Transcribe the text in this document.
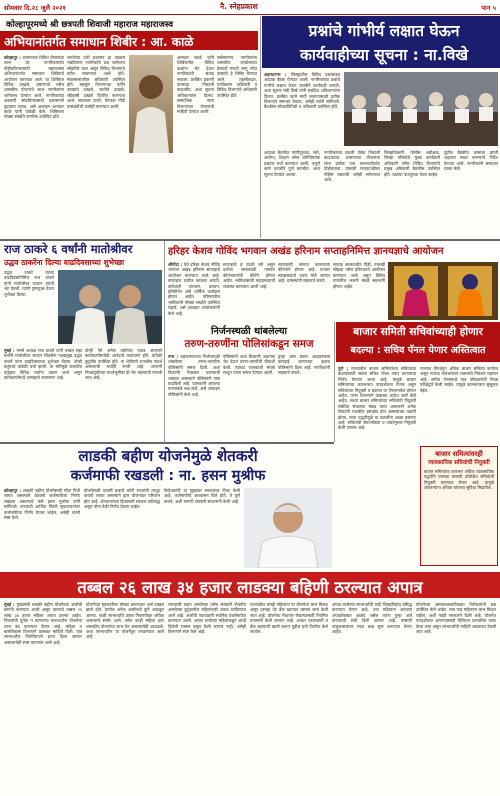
सोमवार दि.२८ जुलै २०२१	नै. स्नेहप्रकाश	पान ५
कोल्हापूरमध्ये श्री छत्रपती शिवाजी महाराज महाराजस्व
अभियानांतर्गत समाधान शिबीर : आ. काळे
कोल्हापूर : शासनाच्या विविध योजनांचा लाभ थेट नागरिकांपर्यंत पोहोचविण्यासाठी महाराजस्व अभियानांतर्गत समाधान शिबिराचे आयोजन करण्यात आले. या शिबिरात विविध दाखले, प्रमाणपत्रे तसेच शासकीय योजनांचे लाभ नागरिकांना जागेवरच देण्यात आले. नागरिकांच्या अडचणी सोडविण्यासाठी प्रशासनाने पुढाकार घ्यावा, असे आवाहन आमदार काळे यांनी यावेळी केले. शिबिराला मोठ्या संख्येने नागरिक उपस्थित होते.
जनतेच्या दारी प्रशासन हा उपक्रम राबविताना नागरिकांचे प्रश्न जागेवरच सोडविले जात असून विविध विभागांचे स्टॉल लावण्यात आले होते. मंडलस्तरावरील अधिकारी उपस्थित होते. महसूल विभागाच्या वतीने उत्पन्नाचे दाखले, जातीचे दाखले, रहिवासी दाखले वितरित करण्यात आले. सातबारा उतारे, फेरफार नोंदी यासंबंधीची कामेही करण्यात आली.
आमदार काळे यांनी शिबिरातील विविध कक्षांना भेट देऊन नागरिकांशी संवाद साधला. प्रलंबित प्रकरणे तात्काळ निकाली काढावीत, अशा सूचना अधिकाऱ्यांना दिल्या. सामाजिक न्याय विभागाच्या योजनांची माहिती देण्यात आली.
सर्वसामान्य नागरिकांना शासकीय कार्यालयात हेलपाटे मारावे लागू नयेत यासाठी हे शिबिर घेण्यात आले. तहसीलदार, गटविकास अधिकारी व विविध विभागांचे अधिकारी उपस्थित होते.
प्रश्नांचे गांभीर्य लक्षात घेऊन
कार्यवाहीच्या सूचना : ना.विखे
अहमदनगर : जिल्ह्यातील विविध प्रश्नांबाबत आढावा बैठक घेण्यात आली. नागरिकांच्या प्रश्नांचे गांभीर्य लक्षात घेऊन तातडीने कार्यवाही करावी, अशा सूचना मंत्री विखे यांनी संबंधित अधिकाऱ्यांना दिल्या. प्रलंबित कामे मार्गी लावण्यासाठी प्रत्येक विभागाने समन्वय ठेवावा, असेही त्यांनी सांगितले. बैठकीस लोकप्रतिनिधी व अधिकारी उपस्थित होते.
आढावा बैठकीत पाणीपुरवठा, रस्ते, आरोग्य, शिक्षण तसेच शेतीविषयक प्रश्नांवर चर्चा करण्यात आली. अपूर्ण कामे तातडीने पूर्ण करावीत, अशा सूचना देण्यात आल्या.
नागरिकांच्या तक्रारी वेळेत निकाली काढाव्यात. शासनाच्या योजनांचा लाभ प्रत्येक पात्र लाभार्थ्यापर्यंत पोहोचवावा, यासाठी गावपातळीवर मोहीम राबवावी असेही सांगण्यात आले.
जिल्हाधिकारी, पोलीस अधीक्षक, जिल्हा परिषदेचे मुख्य कार्यकारी अधिकारी तसेच विविध विभागांचे प्रमुख अधिकारी बैठकीस उपस्थित होते. प्रश्नांचा पाठपुरावा केला जाईल.
पुढील बैठकीत कामांचा प्रगती अहवाल सादर करण्याचे निर्देश देण्यात आले. नागरिकांनी समाधान व्यक्त केले.
राज ठाकरे ६ वर्षांनी मातोश्रीवर
उद्धव ठाकरेंना दिल्या वाढदिवसाच्या शुभेच्छा
उद्धव ठाकरे यांच्या वाढदिवसानिमित्त राज ठाकरे यांनी मातोश्रीवर जाऊन त्यांची भेट घेतली. त्यांनी पुष्पगुच्छ देऊन शुभेच्छा दिल्या.
मुंबई : मनसे अध्यक्ष राज ठाकरे यांनी तब्बल सहा वर्षांनी मातोश्रीवर जाऊन शिवसेना पक्षप्रमुख उद्धव ठाकरे यांना वाढदिवसाच्या शुभेच्छा दिल्या. दोन्ही बंधूंमध्ये यावेळी चर्चा झाली. या भेटीमुळे राजकीय वर्तुळात विविध चर्चांना उधाण आले असून कार्यकर्त्यांमध्ये उत्साहाचे वातावरण आहे.
दोन्ही नेते अनेक वर्षांनंतर एकत्र आल्याने कार्यकर्त्यांमध्येही आनंदाचे वातावरण होते. यावेळी कुटुंबीय उपस्थित होते. या भेटीमागे राजकीय संदर्भ असल्याची चर्चाही रंगली आहे. आगामी निवडणुकीच्या पार्श्वभूमीवर ही भेट महत्त्वाची मानली जात आहे.
हरिहर केशव गोविंद भगवान अखंड हरिनाम सप्ताहनिमित्त ज्ञानयज्ञाचे आयोजन
श्रीगोंदा : येथे हरिहर केशव गोविंद भगवान अखंड हरिनाम सप्ताहाचे आयोजन करण्यात आले आहे. सप्ताहात दररोज काकडा आरती, ज्ञानेश्वरी पारायण, प्रवचन, हरिकीर्तन असे धार्मिक कार्यक्रम होणार आहेत. परिसरातील भाविकांनी मोठ्या संख्येने उपस्थित राहावे, असे आवाहन आयोजकांनी केले आहे.
सप्ताहाचे हे यंदाचे वर्ष असून दररोज सायंकाळी नामवंत कीर्तनकारांची कीर्तने होणार आहेत. भाविकांसाठी महाप्रसादाची व्यवस्था करण्यात आली आहे.
सप्ताहाची सांगता काल्याच्या कीर्तनाने होणार आहे. यानंतर महाप्रसादाचे वाटप केले जाणार आहे. ग्रामस्थांनी सहकार्य करावे.
सप्ताह कालावधीत दिंडी, पालखी सोहळा तसेच हरिपाठाचे आयोजन करण्यात आले असून विविध गावांतील भजनी मंडळे सहभागी होणार आहेत.
निर्जनस्थळी थांबलेल्या
तरुण-तरुणींना पोलिसांकडून समज
नगर : शहरालगतच्या निर्जनस्थळी थांबलेल्या तरुण-तरुणींना पोलिसांनी समज दिली. अशा ठिकाणी गैरप्रकार घडण्याची शक्यता असल्याने पोलिसांनी गस्त वाढविली आहे. पालकांनी आपल्या पाल्यांकडे लक्ष द्यावे, असे आवाहन पोलिसांनी केले आहे.
पोलिसांनी अशा ठिकाणी अचानक भेट देऊन तरुण-तरुणींची चौकशी केली. त्यांच्या पालकांशी संपर्क साधून त्यांना समज देण्यात आली.
पुन्हा असा प्रकार आढळल्यास कारवाई करण्याचा इशारा पोलिसांनी दिला आहे. नागरिकांनी सहकार्य करावे.
बाजार समिती सचिवांच्याही होणार
बदल्या : सचिव पॅनल येणार अस्तित्वात
पुणे : राज्यातील बाजार समित्यांच्या सचिवांच्या बदल्यांसाठी स्वतंत्र सचिव पॅनल तयार करण्याचा निर्णय घेण्यात आला आहे. यामुळे बाजार समित्यांच्या कारभारात पारदर्शकता येणार असून सचिवांच्या नियुक्ती व बदल्या या पॅनलमार्फत होणार आहेत. पणन विभागाने याबाबत आदेश जारी केले आहेत. सध्या बाजार समित्यांच्या सचिवांची नियुक्ती संबंधित संचालक मंडळ करत असल्याने अनेक ठिकाणी राजकीय हस्तक्षेप होत असल्याच्या तक्रारी होत्या. नव्या पद्धतीमुळे या तक्रारींना आळा बसणार आहे. सचिवांची सेवाज्येष्ठता व पात्रतेनुसार नियुक्ती केली जाणार आहे.
राज्यात तीनशेहून अधिक बाजार समित्या कार्यरत असून त्यांच्या कारभारावर शासनाचे नियंत्रण राहणार आहे. सचिव पॅनलमध्ये पात्र उमेदवारांची निवड परीक्षेद्वारे केली जाईल. यामुळे कामकाजात सुसूत्रता येईल.
बाजार समित्यांवरही
व्यावसायिक सचिवांची नियुक्ती
बाजार समित्यांचा कारभार अधिक व्यावसायिक पद्धतीने चालावा यासाठी प्रशिक्षित सचिवांची नियुक्ती करण्यात येणार आहे. यामुळे शेतकऱ्यांना अधिक चांगल्या सुविधा मिळतील.
लाडकी बहीण योजनेमुळे शेतकरी
कर्जमाफी रखडली : ना. हसन मुश्रीफ
कोल्हापूर : लाडकी बहीण योजनेसाठी मोठा निधी लागत असल्याने शेतकरी कर्जमाफीचा निर्णय रखडला असल्याचे मंत्री हसन मुश्रीफ यांनी सांगितले. राज्याची आर्थिक स्थिती सुधारल्यानंतर कर्जमाफीचा निर्णय घेतला जाईल, असेही त्यांनी स्पष्ट केले.
योजनेसाठी दरवर्षी हजारो कोटी रुपयांची तरतूद करावी लागत असल्याने इतर योजनांवर परिणाम होत आहे. शेतकऱ्यांच्या हितासाठी सरकार कटिबद्ध असून योग्य वेळी निर्णय घेतला जाईल.
विरोधकांनी या मुद्द्यावर सरकारवर टीका केली आहे. कर्जमाफीचे आश्वासन दिले होते, ते पूर्ण करावे, अशी मागणी शेतकरी संघटनांनी केली आहे.
तब्बल २६ लाख ३४ हजार लाडक्या बहिणी ठरल्यात अपात्र
मुंबई : मुख्यमंत्री लाडकी बहीण योजनेच्या अर्जांची छाननी करण्यात आली असून त्यामध्ये तब्बल २६ लाख ३४ हजार महिला अपात्र ठरल्या आहेत. निकषांची पूर्तता न करणाऱ्या लाभार्थ्यांना योजनेचा लाभ बंद करण्यात येणार आहे. महिला व बालविकास विभागाने याबाबत माहिती दिली. पात्र लाभार्थ्यांना नियमितपणे हप्ता दिला जाणार असल्याचेही स्पष्ट करण्यात आले आहे.
योजनेच्या सुरुवातीला मोठ्या प्रमाणावर अर्ज दाखल झाले होते. यातील अनेक अर्जांमध्ये त्रुटी आढळून आल्या. काही लाभार्थ्यांचे उत्पन्न निकषापेक्षा अधिक असल्याचे समोर आले. तसेच काही महिला इतर शासकीय योजनांचा लाभ घेत असल्याचेही आढळले. अशा लाभार्थ्यांना या योजनेतून वगळण्यात आले आहे.
चारचाकी वाहन असलेल्या तसेच सरकारी नोकरीत असलेल्या कुटुंबातील महिलांनाही अपात्र ठरविण्यात आले आहे. अर्जांची पडताळणी स्थानिक यंत्रणेमार्फत करण्यात आली. अपात्र ठरलेल्या महिलांकडून आधी दिलेली रक्कम वसूल केली जाणार नाही, असेही विभागाने स्पष्ट केले आहे.
राज्यातील लाखो महिलांना या योजनेचा लाभ मिळत असून दरमहा थेट बँक खात्यात रक्कम जमा केली जात आहे. योजनेचा गैरवापर रोखण्यासाठी नियमित तपासणी केली जाणार आहे. आधार पडताळणी व बँक खात्याची खात्री करून पुढील हप्ते वितरित केले जातील.
अपात्र ठरलेल्या लाभार्थ्यांची यादी जिल्हानिहाय प्रसिद्ध करण्यात येणार आहे. ज्या महिलांना आपल्या अपात्रतेबाबत आक्षेप असेल त्यांना पुन्हा अर्ज करण्याची संधी दिली जाणार आहे. यासाठी तालुकास्तरावर मदत कक्ष सुरू करण्यात येणार आहेत.
योजनेच्या अंमलबजावणीबाबत विरोधकांनी प्रश्न उपस्थित केले आहेत. मात्र पात्र महिलांना लाभ मिळत राहील, अशी ग्वाही सरकारने दिली आहे. योजनेत पारदर्शकता आणण्यासाठी डिजिटल प्रणालीचा वापर केला जात असून लाभार्थ्यांची माहिती अद्ययावत ठेवली जात आहे.
